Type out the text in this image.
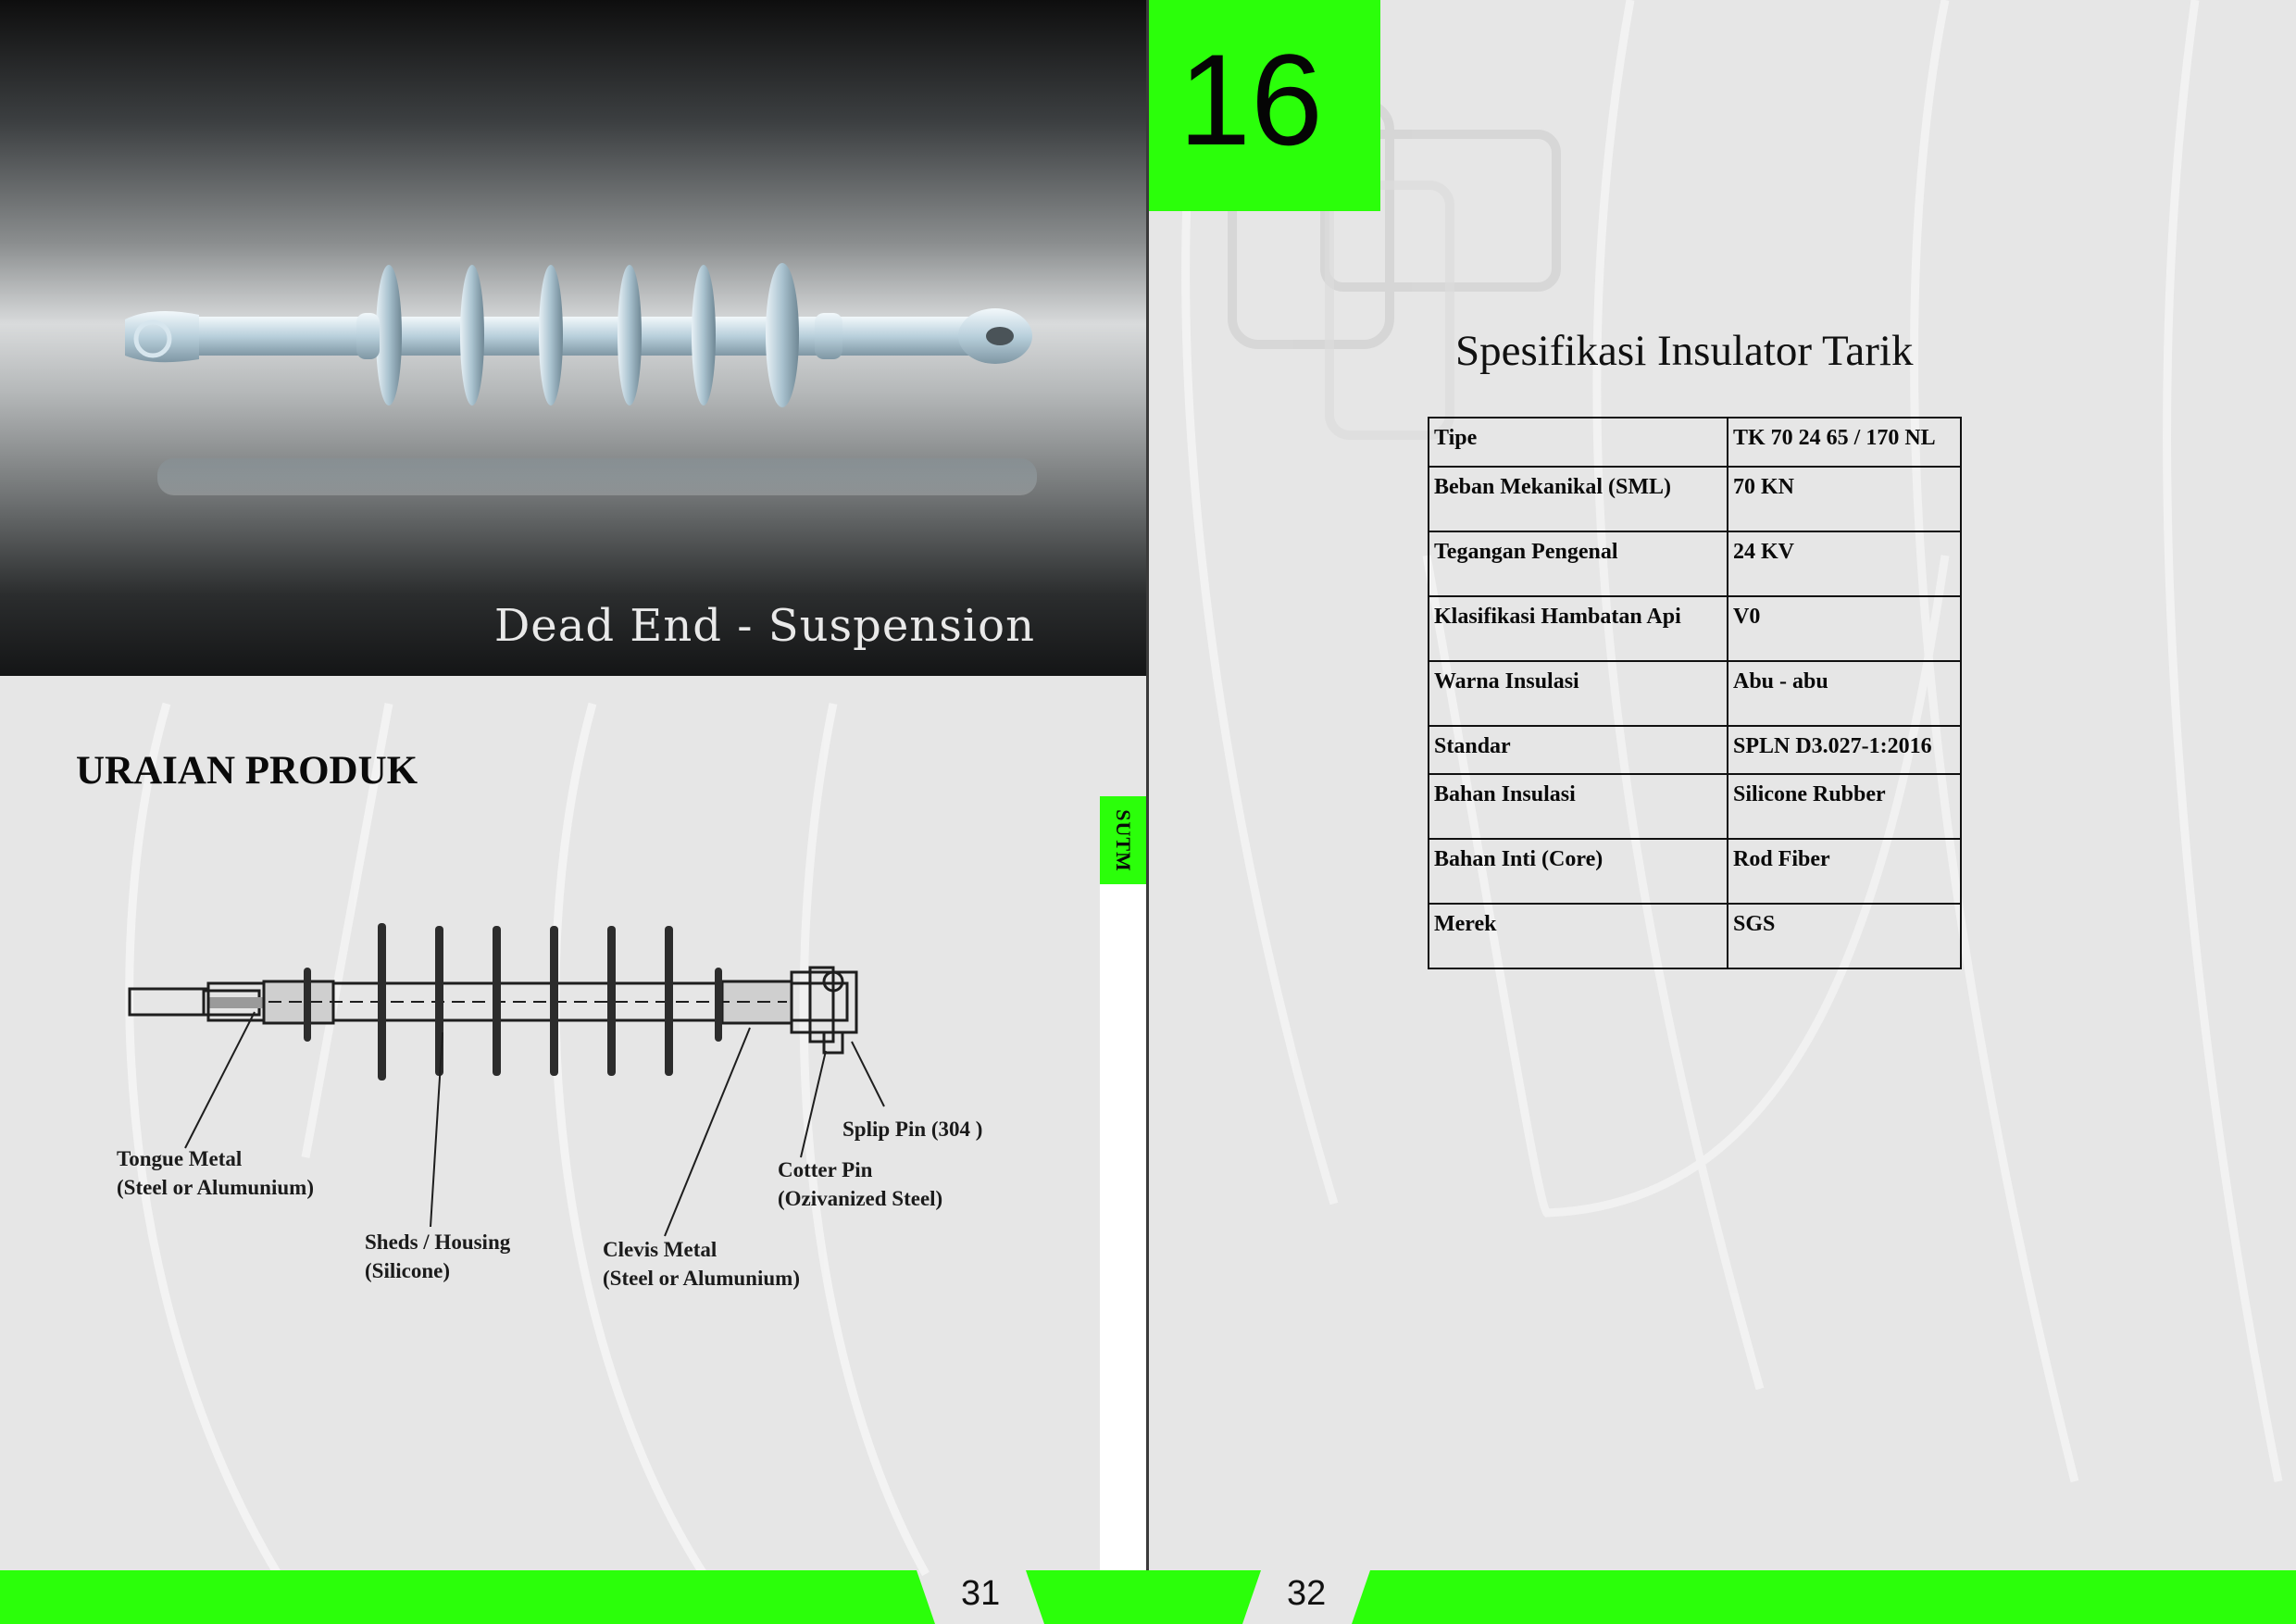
Dead End - Suspension
URAIAN PRODUK
Tongue Metal
(Steel or Alumunium)
Sheds / Housing
(Silicone)
Clevis Metal
(Steel or Alumunium)
Splip Pin (304 )
Cotter Pin
(Ozivanized Steel)
SUTM
16
Spesifikasi Insulator Tarik
Tipe	TK 70 24 65 / 170 NL
Beban Mekanikal (SML)	70 KN
Tegangan Pengenal	24 KV
Klasifikasi Hambatan Api	V0
Warna Insulasi	Abu - abu
Standar	SPLN D3.027-1:2016
Bahan Insulasi	Silicone Rubber
Bahan Inti (Core)	Rod Fiber
Merek	SGS
31	32
